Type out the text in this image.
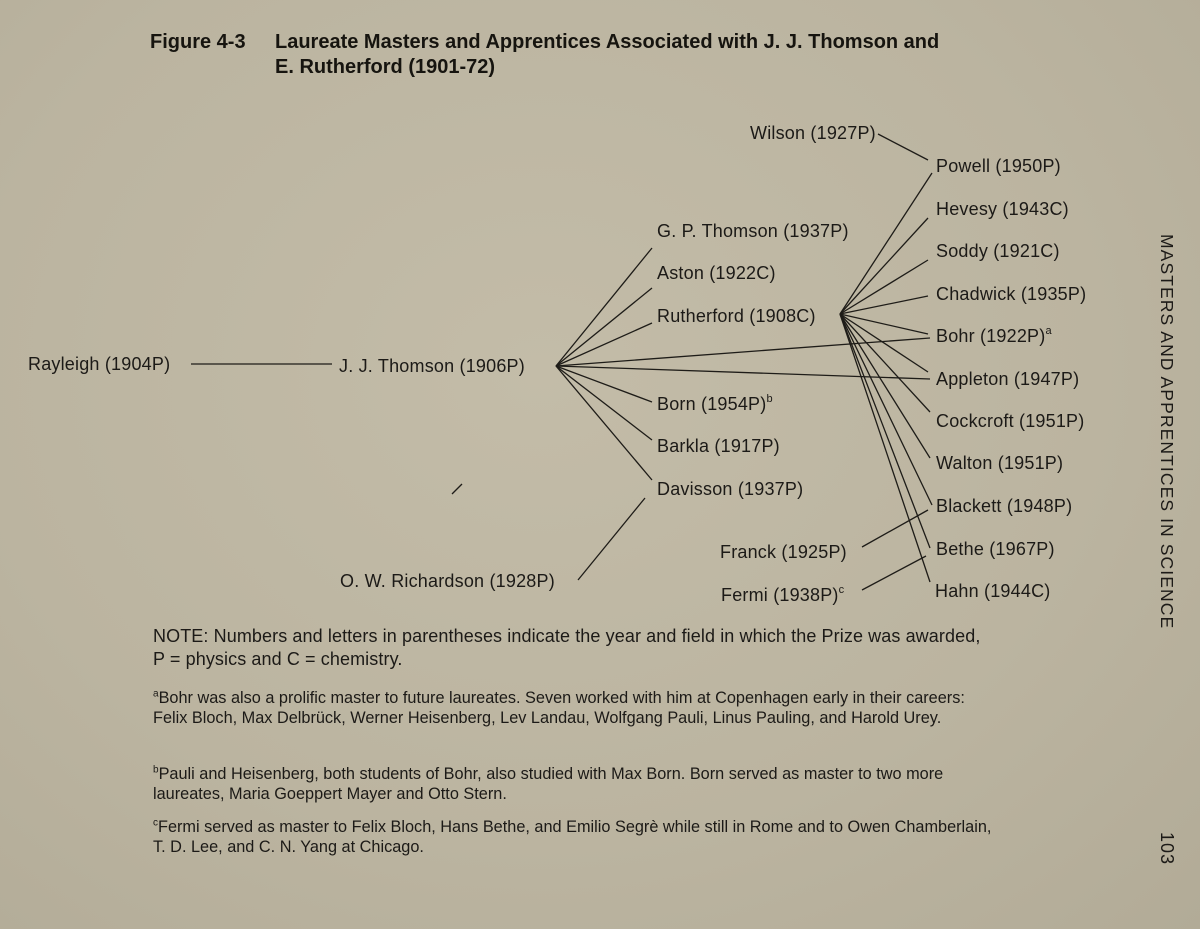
Figure 4-3 Laureate Masters and Apprentices Associated with J. J. Thomson and
E. Rutherford (1901-72)
Rayleigh (1904P)	J. J. Thomson (1906P)
G. P. Thomson (1937P)
Aston (1922C)
Rutherford (1908C)
Born $(1954P)^b$
Barkla (1917P)
Davisson (1937P)
O. W. Richardson (1928P)
Wilson (1927P)
Powell (1950P)
Hevesy (1943C)
Soddy (1921C)
Chadwick (1935P)
Bohr $(1922P)^a$
Appleton (1947P)
Cockcroft (1951P)
Walton (1951P)
Blackett (1948P)
Franck (1925P)	Bethe (1967P)
Fermi $(1938P)^c$	Hahn (1944C)
NOTE: Numbers and letters in parentheses indicate the year and field in which the Prize was awarded, P = physics and C = chemistry.
$^a$Bohr was also a prolific master to future laureates. Seven worked with him at Copenhagen early in their careers: Felix Bloch, Max Delbrück, Werner Heisenberg, Lev Landau, Wolfgang Pauli, Linus Pauling, and Harold Urey.
$^b$Pauli and Heisenberg, both students of Bohr, also studied with Max Born. Born served as master to two more laureates, Maria Goeppert Mayer and Otto Stern.
$^c$Fermi served as master to Felix Bloch, Hans Bethe, and Emilio Segrè while still in Rome and to Owen Chamberlain, T. D. Lee, and C. N. Yang at Chicago.
MASTERS AND APPRENTICES IN SCIENCE
103
